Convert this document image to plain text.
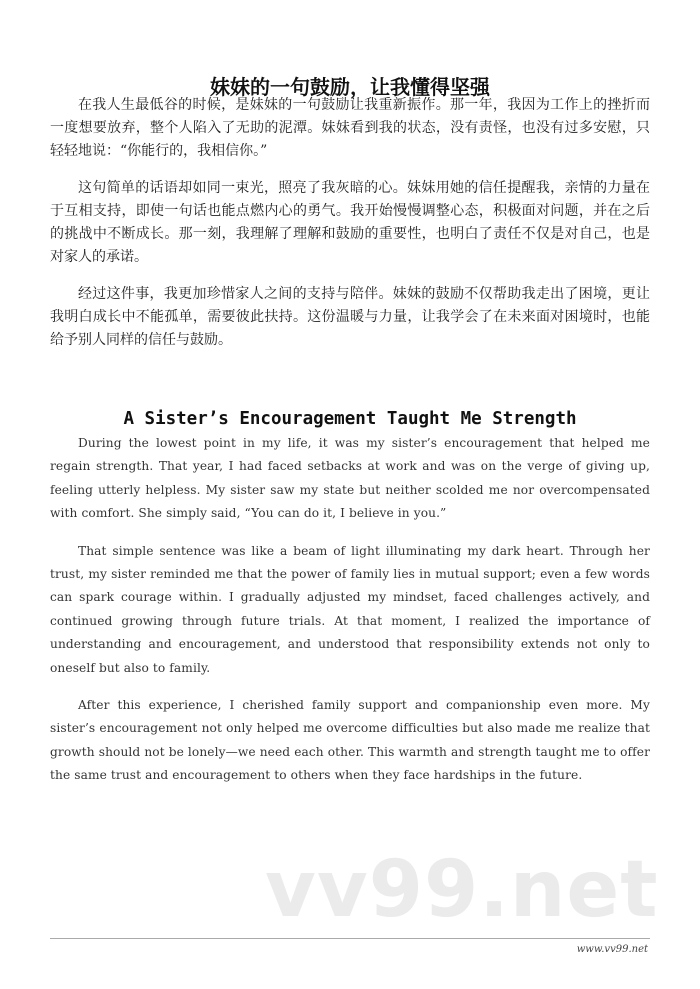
妹妹的一句鼓励，让我懂得坚强

在我人生最低谷的时候，是妹妹的一句鼓励让我重新振作。那一年，我因为工作上的挫折而一度想要放弃，整个人陷入了无助的泥潭。妹妹看到我的状态，没有责怪，也没有过多安慰，只轻轻地说：“你能行的，我相信你。”

这句简单的话语却如同一束光，照亮了我灰暗的心。妹妹用她的信任提醒我，亲情的力量在于互相支持，即使一句话也能点燃内心的勇气。我开始慢慢调整心态，积极面对问题，并在之后的挑战中不断成长。那一刻，我理解了理解和鼓励的重要性，也明白了责任不仅是对自己，也是对家人的承诺。

经过这件事，我更加珍惜家人之间的支持与陪伴。妹妹的鼓励不仅帮助我走出了困境，更让我明白成长中不能孤单，需要彼此扶持。这份温暖与力量，让我学会了在未来面对困境时，也能给予别人同样的信任与鼓励。

A Sister’s Encouragement Taught Me Strength

During the lowest point in my life, it was my sister’s encouragement that helped me regain strength. That year, I had faced setbacks at work and was on the verge of giving up, feeling utterly helpless. My sister saw my state but neither scolded me nor overcompensated with comfort. She simply said, “You can do it, I believe in you.”

That simple sentence was like a beam of light illuminating my dark heart. Through her trust, my sister reminded me that the power of family lies in mutual support; even a few words can spark courage within. I gradually adjusted my mindset, faced challenges actively, and continued growing through future trials. At that moment, I realized the importance of understanding and encouragement, and understood that responsibility extends not only to oneself but also to family.

After this experience, I cherished family support and companionship even more. My sister’s encouragement not only helped me overcome difficulties but also made me realize that growth should not be lonely—we need each other. This warmth and strength taught me to offer the same trust and encouragement to others when they face hardships in the future.

vv99.net
www.vv99.net
